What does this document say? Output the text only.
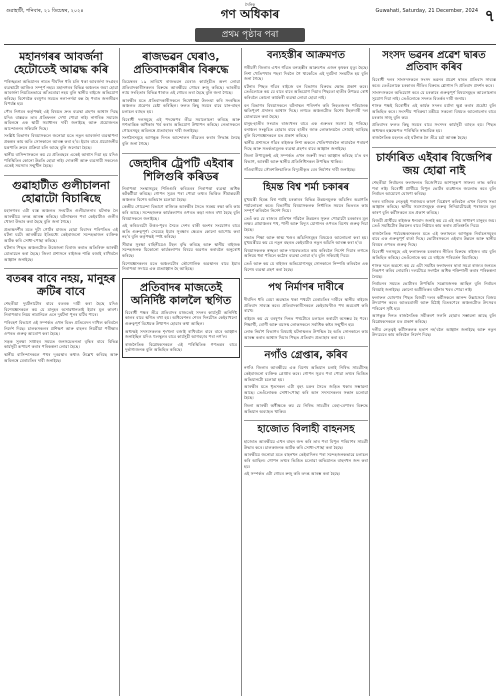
গুৱাহাটী, শনিবাৰ, ২১ ডিচেম্বৰ, ২০২৪
দৈনিক
গণ অধিকাৰ	Guwahati, Saturday, 21 December, 2024 ৭
প্ৰথম পৃষ্ঠাৰ পৰা
মহানগৰৰ আবৰ্জনা হেটোতেই আৱদ্ধ কৰি

পৰিচ্ছন্নতা অভিযানৰ নামত দীৰ্ঘদিন ধৰি চলি থকা আবৰ্জনা সংগ্ৰহৰ ব্যৱস্থাটো আজিও সম্পূৰ্ণ নহয়। মহানগৰৰ বিভিন্ন অঞ্চলত জমা হোৱা আবৰ্জনা নিয়মিতভাৱে আঁতৰোৱা নহয় বুলি স্থানীয় ৰাইজে অভিযোগ কৰিছে। বিশেষকৈ বৰষুণৰ সময়ত নলা-নৰ্দমা বন্ধ হৈ পৰাত জনজীৱন বিপৰ্যস্ত হয়।

পৌৰ নিগমৰ কৰ্তৃপক্ষই এই বিষয়ত দ্ৰুত ব্যৱস্থা গ্ৰহণৰ আশ্বাস দিছে যদিও বাস্তৱত তাৰ প্ৰতিফলন দেখা পোৱা নাই। নাগৰিক সমাজে অবিলম্বে এক স্থায়ী সমাধানৰ দাবী জনাইছে আৰু প্ৰয়োজনত আন্দোলনৰ সকিয়নি দিছে।

সংশ্লিষ্ট বিভাগৰ বিষয়াসকলে জনোৱা মতে নতুন আবৰ্জনা ব্যৱস্থাপনা প্ৰকল্পৰ কাম অতি সোনকালে আৰম্ভ কৰা হ'ব। ইয়াৰ বাবে প্ৰয়োজনীয় যন্ত্ৰপাতি ক্ৰয়ৰ প্ৰক্ৰিয়া চলি আছে বুলি জনোৱা হৈছে।

স্থানীয় বাসিন্দাসকলে কয় যে প্ৰতিবছৰে একেই আশ্বাস দিয়া হয় যদিও পৰিস্থিতিৰ কোনো উন্নতি হোৱা নাই। দোকানী আৰু ব্যৱসায়ী সকলেও একেই সমস্যাৰ সন্মুখীন হৈছে।

গুৱাহাটীত গুলীচালনা হোৱাটো বিচাৰিছে

মহানগৰৰ এটা ব্যস্ত অঞ্চলত সংঘটিত গুলীচালনাৰ ঘটনাক লৈ আৰক্ষীয়ে তদন্ত আৰম্ভ কৰিছে। ঘটনাস্থলৰ পৰা কেইবাটাও গুলীৰ খোলা উদ্ধাৰ কৰা হৈছে বুলি জনা গৈছে।

প্ৰত্যক্ষদৰ্শীৰ মতে দুটা গোটৰ মাজত হোৱা বিবাদৰ পৰিণতিত এই ঘটনা ঘটে। আৰক্ষীয়ে ইতিমধ্যে কেইবাজনো সন্দেহভাজন ব্যক্তিক আটক কৰি সোধা-পোছা কৰিছে।

ঘটনাৰ পিছত অঞ্চলটোত উত্তেজনা বিৰাজ কৰাত অতিৰিক্ত আৰক্ষী মোতায়েন কৰা হৈছে। জিলা প্ৰশাসনে ৰাইজক শান্তি বজাই ৰাখিবলৈ আহ্বান জনাইছে।

বতৰৰ বাবে নহয়, মানুহৰ ক্ৰটিৰ বাবে

শেহতীয়া দুৰ্ঘটনাটোৰ বাবে বতৰক দায়ী কৰা হৈছে যদিও বিশেষজ্ঞসকলে কয় যে মানুহৰ অসাৱধানতাই ইয়াৰ মূল কাৰণ। নিৰাপত্তাৰ নিয়ম নামানিলে এনে দুৰ্ঘটনা পুনৰ ঘটিব পাৰে।

পৰিবহণ বিভাগে এই সম্পৰ্কত এখন বিতং প্ৰতিবেদন দাখিল কৰিবলৈ নিৰ্দেশ দিছে। চালকসকলৰ প্ৰশিক্ষণ আৰু বাহনৰ নিয়মীয়া পৰীক্ষাৰ ওপৰত গুৰুত্ব আৰোপ কৰা হৈছে।

সড়ক সুৰক্ষা সপ্তাহৰ সময়ত জনসচেতনতা বৃদ্ধিৰ বাবে বিভিন্ন কাৰ্যসূচী ৰূপায়ণ কৰাৰ পৰিকল্পনা লোৱা হৈছে।

স্থানীয় বাসিন্দাসকলে পথৰ দুৰৱস্থাৰ কথাও উল্লেখ কৰিছে আৰু অবিলম্বে মেৰামতিৰ দাবী জনাইছে।

ৰাজভৱন ঘেৰাও, প্ৰতিবাদকাৰীৰ বিৰুদ্ধে

ডিচেম্বৰৰ ১৯ তাৰিখে ৰাজভৱন ঘেৰাও কাৰ্যসূচীত অংশ লোৱা প্ৰতিবাদকাৰীসকলৰ বিৰুদ্ধে আৰক্ষীয়ে গোচৰ ৰুজু কৰিছে। ভাৰতীয় ন্যায় সংহিতাৰ বিভিন্ন ধাৰাত এই গোচৰ তৰা হৈছে বুলি জনা গৈছে।

আৰক্ষীৰ মতে প্ৰতিবাদকাৰীসকলে নিষেধাজ্ঞা উলংঘা কৰি সংৰক্ষিত অঞ্চলত প্ৰৱেশৰ চেষ্টা কৰিছিল। ফলত কিছু সময়ৰ বাবে যান-বাহন চলাচল ব্যাহত হয়।

বিৰোধী দলসমূহে এই পদক্ষেপৰ তীব্ৰ সমালোচনা কৰিছে আৰু গণতান্ত্ৰিক অধিকাৰ খৰ্ব কৰাৰ অভিযোগ উত্থাপন কৰিছে। নেতাসকলে গোচৰসমূহ অবিলম্বে প্ৰত্যাহাৰৰ দাবী জনাইছে।

সংগঠনসমূহে আগন্তুক দিনত আন্দোলন তীব্ৰতৰ কৰাৰ সিদ্ধান্ত লৈছে বুলি জনা গৈছে।

জেহাদীৰ ট্ৰেপটি এইবাৰ শিলিগুৰি কৰিডৰ

নিৰাপত্তা সংস্থাসমূহে শিলিগুৰি কৰিডৰৰ নিৰাপত্তা ব্যৱস্থা অধিক কটকটীয়া কৰিছে। গোপন সূত্ৰৰ পৰা পোৱা তথ্যৰ ভিত্তিত সীমান্তৱৰ্তী অঞ্চলত বিশেষ অভিযান চলোৱা হৈছে।

কেন্দ্ৰীয় গোৱেন্দা বিভাগে ৰাজ্যিক আৰক্ষীৰ সৈতে সমন্বয় ৰক্ষা কৰি কাম কৰি আছে। সন্দেহজনক কাৰ্যকলাপৰ ওপৰত কড়া নজৰ ৰখা হৈছে বুলি বিষয়াসকলে জনাইছে।

এই কৰিডৰটো উত্তৰ-পূবৰ সৈতে দেশৰ বাকী অংশৰ সংযোগৰ বাবে অতি গুৰুত্বপূৰ্ণ। সেয়েহে ইয়াৰ সুৰক্ষাৰ ক্ষেত্ৰত কোনো আপোচ কৰা নহ'ব বুলি কৰ্তৃপক্ষই স্পষ্ট কৰিছে।

সীমান্ত সুৰক্ষা বাহিনীয়েও টহল বৃদ্ধি কৰিছে আৰু স্থানীয় ৰাইজক সন্দেহজনক যিকোনো কাৰ্যকলাপৰ বিষয়ে অৱগত কৰাবলৈ অনুৰোধ কৰিছে।

বিশেষজ্ঞসকলৰ মতে অঞ্চলটোৰ ভৌগোলিক অৱস্থানৰ বাবে ইয়াৰ নিৰাপত্তা সদায়ে এক প্ৰত্যাহ্বান হৈ আহিছে।

প্ৰতিবাদৰ মাজতেই অনিৰ্দিষ্ট কাললৈ স্থগিত

বিৰোধী পক্ষৰ তীব্ৰ প্ৰতিবাদৰ মাজতেই সদনৰ কাৰ্যসূচী অনিৰ্দিষ্ট কালৰ বাবে স্থগিত ৰখা হয়। অধিবেশনৰ শেষৰ দিনটোত কেইবাখনো গুৰুত্বপূৰ্ণ বিধেয়ক উত্থাপন হোৱাৰ কথা আছিল।

অধ্যক্ষই সদস্যসকলক শৃংখলা বজাই ৰাখিবলৈ বাৰে বাৰে আহ্বান জনাইছিল যদিও হুলস্থূলৰ বাবে কাৰ্যসূচী আগবঢ়াব পৰা নগ'ল।

ৰাজনৈতিক বিশ্লেষকসকলে এই পৰিস্থিতিক গণতন্ত্ৰৰ বাবে দুৰ্ভাগ্যজনক বুলি অভিহিত কৰিছে।

বন্যহস্তীৰ আক্ৰমণত

গৰীয়সী জিলাৰ এখন গাঁৱত বন্যহস্তীৰ আক্ৰমণত এজন কৃষকৰ মৃত্যু হৈছে। নিশা খেতিপথাৰ পহৰা দিবলৈ গৈ থাকোঁতে এই দুৰ্ঘটনা সংঘটিত হয় বুলি জনা গৈছে।

ঘটনাৰ পিছত গাঁৱৰ ৰাইজে বন বিভাগৰ বিৰুদ্ধে ক্ষোভ প্ৰকাশ কৰে। তেওঁলোকে কয় যে বাৰে বাৰে অভিযোগ দিয়াৰ পিছতো হাতীৰ উপদ্ৰৱ ৰোধ কৰিবলৈ কোনো কাৰ্যকৰী ব্যৱস্থা লোৱা হোৱা নাই।

বন বিভাগৰ বিষয়াসকলে ঘটনাস্থল পৰিদৰ্শন কৰি নিহতজনৰ পৰিয়ালক ক্ষতিপূৰণ প্ৰদানৰ আশ্বাস দিছে। লগতে অঞ্চলটোত বিশেষ টহলদাৰী দল মোতায়েন কৰা হৈছে।

মানুহ-হাতীৰ সংঘাত ৰাজ্যখনৰ বাবে এক গুৰুতৰ সমস্যা হৈ পৰিছে। বনাঞ্চল সংকুচিত হোৱাৰ বাবে হাতীৰ জাক লোকালয়লৈ সোমাই আহিছে বুলি বিশেষজ্ঞসকলে মত প্ৰকাশ কৰিছে।

স্থানীয় প্ৰশাসনে গাঁৱৰ ৰাইজক নিশা অকলে খেতিপথাৰলৈ নাযাবলৈ পৰামৰ্শ দিছে আৰু সতৰ্কতামূলক ব্যৱস্থা গ্ৰহণৰ বাবে আহ্বান জনাইছে।

জিলা উপায়ুক্তই এই সম্পৰ্কত এখন জৰুৰী সভা আহ্বান কৰিছে য'ত বন বিভাগ, আৰক্ষী আৰু স্থানীয় প্ৰতিনিধিসকল উপস্থিত থাকিব।

গাঁওবাসীয়ে সৌৰশক্তিচালিত বিদ্যুতীকৃত বেৰ নিৰ্মাণৰ দাবী জনাইছে।

হিমন্ত বিশ্ব শৰ্মা চকাৰৰ

মুখ্যমন্ত্ৰী হিমন্ত বিশ্ব শৰ্মাই চৰকাৰৰ বিভিন্ন উন্নয়নমূলক আঁচনিৰ অগ্ৰগতি পৰ্যালোচনা কৰে। বিভাগীয় বিষয়াসকলক নিৰ্ধাৰিত সময়ৰ ভিতৰত কাম সম্পূৰ্ণ কৰিবলৈ নিৰ্দেশ দিয়ে।

তেওঁ কয় যে ৰাজ্যৰ প্ৰতিখন গাঁৱলৈ উন্নয়নৰ সুফল পোৱাটো চৰকাৰৰ মূল লক্ষ্য। গ্ৰামাঞ্চলৰ পথ, পানী আৰু বিদ্যুৎ যোগানৰ ওপৰত বিশেষ গুৰুত্ব দিয়া হৈছে।

সভাত শিক্ষা আৰু স্বাস্থ্য খণ্ডৰ আঁচনিসমূহৰ বিষয়েও আলোচনা কৰা হয়। মুখ্যমন্ত্ৰীয়ে কয় যে নতুন বছৰত কেইবাটাও নতুন আঁচনি আৰম্ভ কৰা হ'ব।

বিষয়াসকলক স্বচ্ছতা আৰু দায়বদ্ধতাৰে কাম কৰিবলৈ নিৰ্দেশ দিয়াৰ লগতে অনিয়ম ধৰা পৰিলে কঠোৰ ব্যৱস্থা লোৱা হ'ব বুলি সকিয়াই দিয়ে।

তেওঁ আৰু কয় যে ৰাইজৰ অভিযোগসমূহ সোনকালে নিষ্পত্তি কৰিবলৈ এক বিশেষ ব্যৱস্থা গ্ৰহণ কৰা হৈছে।

পথ নিৰ্মাণৰ দাবীৰে

দীৰ্ঘদিন ধৰি বেয়া অৱস্থাত থকা পথটো মেৰামতিৰ দাবীৰে স্থানীয় ৰাইজে প্ৰতিবাদ সাব্যস্ত কৰে। প্ৰতিবাদকাৰীসকলে কেইবাঘণ্টাও পথ অৱৰোধ কৰি ৰাখে।

ৰাইজে কয় যে বৰষুণৰ দিনত পথটোৰে চলাচল কৰাটো অসম্ভৱ হৈ পৰে। শিক্ষাৰ্থী, ৰোগী আৰু বয়সস্থ লোকসকলে সৰ্বাধিক কষ্টৰ সন্মুখীন হয়।

লোক নিৰ্মাণ বিভাগৰ বিষয়াই ঘটনাস্থলত উপস্থিত হৈ অতি সোনকালে কাম আৰম্ভ কৰাৰ আশ্বাস দিয়াৰ পিছত প্ৰতিবাদ প্ৰত্যাহাৰ কৰা হয়।

নগাঁও গ্ৰেপ্তাৰ, কৰিব

নগাঁও জিলাৰ আৰক্ষীয়ে এক বিশেষ অভিযান চলাই নিষিদ্ধ সামগ্ৰীসহ কেইবাজনো ব্যক্তিক গ্ৰেপ্তাৰ কৰে। গোপন সূত্ৰৰ পৰা পোৱা তথ্যৰ ভিত্তিত অভিযানটো চলোৱা হয়।

আৰক্ষীৰ মতে ধৃতসকল এটা বৃহৎ চক্ৰৰ সৈতে জড়িত থকাৰ সম্ভাৱনা আছে। তেওঁলোকক সোধা-পোছা কৰি আন সদস্যসকলৰ সন্ধান চলোৱা হৈছে।

জিলা আৰক্ষী অধীক্ষকে কয় যে নিষিদ্ধ সামগ্ৰীৰ বেহা-বেপাৰৰ বিৰুদ্ধে অভিযান অব্যাহত থাকিব।

হাজোত বিলাহী বাহনসহ

হাজোত আৰক্ষীয়ে এখন বাহন জব্দ কৰি তাৰ পৰা বিপুল পৰিমাণৰ সামগ্ৰী উদ্ধাৰ কৰে। চালকজনক আটক কৰি সোধা-পোছা কৰা হৈছে।

আৰক্ষীয়ে জনোৱা মতে বাহনখন কেইবাদিনৰ পৰা সন্দেহজনকভাৱে চলাচল কৰি আছিল। গোপন তথ্যৰ ভিত্তিত চলোৱা অভিযানত বাহনখন জব্দ কৰা হয়।

এই সম্পৰ্কত এটা গোচৰ ৰুজু কৰি তদন্ত আৰম্ভ কৰা হৈছে।

সংসদ ভৱনৰ প্ৰৱেশ দ্বাৰত প্ৰতিবাদ কৰিব

বিৰোধী দলৰ সাংসদসকলে সংসদ ভৱনৰ প্ৰৱেশ দ্বাৰত প্ৰতিবাদ সাব্যস্ত কৰে। তেওঁলোকে চৰকাৰৰ নীতিৰ বিৰুদ্ধে শ্লোগান দি প্ৰতিবাদ প্ৰদৰ্শন কৰে।

সাংসদসকলে অভিযোগ কৰে যে চৰকাৰে গুৰুত্বপূৰ্ণ বিষয়সমূহত আলোচনাৰ সুযোগ দিয়া নাই। তেওঁলোকে সদনত বিতৰ্কৰ দাবী জনায়।

শাসক পক্ষই বিৰোধীৰ এই কাৰ্যক সদনৰ মৰ্যাদা ক্ষুণ্ণ কৰাৰ প্ৰচেষ্টা বুলি অভিহিত কৰে। সংসদীয় পৰিক্ৰমা মন্ত্ৰীয়ে সকলো বিষয়ত আলোচনাৰ বাবে চৰকাৰ সাজু বুলি কয়।

প্ৰতিবাদৰ ফলত কিছু সময়ৰ বাবে সংসদৰ কাৰ্যসূচী ব্যাহত হয়। পিছত অধ্যক্ষৰ হস্তক্ষেপত পৰিস্থিতি স্বাভাৱিক হয়।

ৰাজনৈতিক মহলত এই ঘটনাক লৈ তীব্ৰ চৰ্চা আৰম্ভ হৈছে।

চাৰ্ফাৰিত এইবাৰ বিজেপিৰ জয় হোৱা নাই

শেহতীয়া নিৰ্বাচনৰ ফলাফলত বিজেপিয়ে আশানুৰূপ সাফল্য লাভ কৰিব পৰা নাই। বিৰোধী প্ৰাৰ্থীয়ে বিপুল ভোটৰ ব্যৱধানত জয়লাভ কৰে বুলি নিৰ্বাচন আয়োগে ঘোষণা কৰিছে।

দলৰ ৰাজ্যিক নেতৃত্বই পৰাজয়ৰ কাৰণ বিশ্লেষণ কৰিবলৈ এখন বিশেষ সভা আহ্বান কৰিছে। স্থানীয় সমস্যাসমূহক গুৰুত্ব নিদিয়াটোৱেই পৰাজয়ৰ মূল কাৰণ বুলি কৰ্মীসকলে মত প্ৰকাশ কৰিছে।

বিজয়ী প্ৰাৰ্থীয়ে ৰাইজক ধন্যবাদ জনাই কয় যে এই জয় সাধাৰণ মানুহৰ জয়। তেওঁ সমষ্টিটোৰ উন্নয়নৰ বাবে নিষ্ঠাৰে কাম কৰাৰ প্ৰতিশ্ৰুতি দিয়ে।

ৰাজনৈতিক পৰ্যবেক্ষকসকলৰ মতে এই ফলাফলে আগন্তুক নিৰ্বাচনসমূহৰ বাবে এক গুৰুত্বপূৰ্ণ বাৰ্তা দিছে। ভোটাৰসকলে এইবাৰ উন্নয়ন আৰু স্থানীয় বিষয়ৰ ওপৰত গুৰুত্ব দিছে।

বিৰোধী দলসমূহে এই ফলাফলক চৰকাৰৰ নীতিৰ বিৰুদ্ধে ৰাইজৰ ৰায় বুলি অভিহিত কৰিছে। তেওঁলোকে কয় যে ৰাইজে পৰিৱৰ্তন বিচাৰিছে।

শাসক দলে অৱশ্যে কয় যে এটা সমষ্টিৰ ফলাফলৰ দ্বাৰা সমগ্ৰ ৰাজ্যৰ জনমত নিৰূপণ কৰিব নোৱাৰি। দলটোৱে সংগঠন অধিক শক্তিশালী কৰাৰ পৰিকল্পনা লৈছে।

নিৰ্বাচনৰ সময়ত ভোটাৰৰ উপস্থিতি সন্তোষজনক আছিল বুলি নিৰ্বাচন বিষয়াই জনাইছে। কোনো অপ্ৰীতিকৰ ঘটনাৰ খবৰ পোৱা নাই।

ফলাফল ঘোষণাৰ পিছত বিজয়ী দলৰ কৰ্মীসকলে আনন্দ উল্লাসেৰে বিজয় উদযাপন কৰে। আতচবাজী আৰু মিঠাই বিতৰণেৰে অঞ্চলটোত উৎসৱৰ পৰিৱেশ সৃষ্টি হয়।

আগন্তুক দিনত ৰাজনৈতিক সমীকৰণ সলনি হোৱাৰ সম্ভাৱনা আছে বুলি বিশ্লেষকসকলে মত প্ৰকাশ কৰিছে।

দলীয় নেতৃত্বই কৰ্মীসকলক হতাশ নহ'বলৈ আহ্বান জনাইছে আৰু নতুন উদ্যমেৰে কাম কৰিবলৈ নিৰ্দেশ দিছে।
